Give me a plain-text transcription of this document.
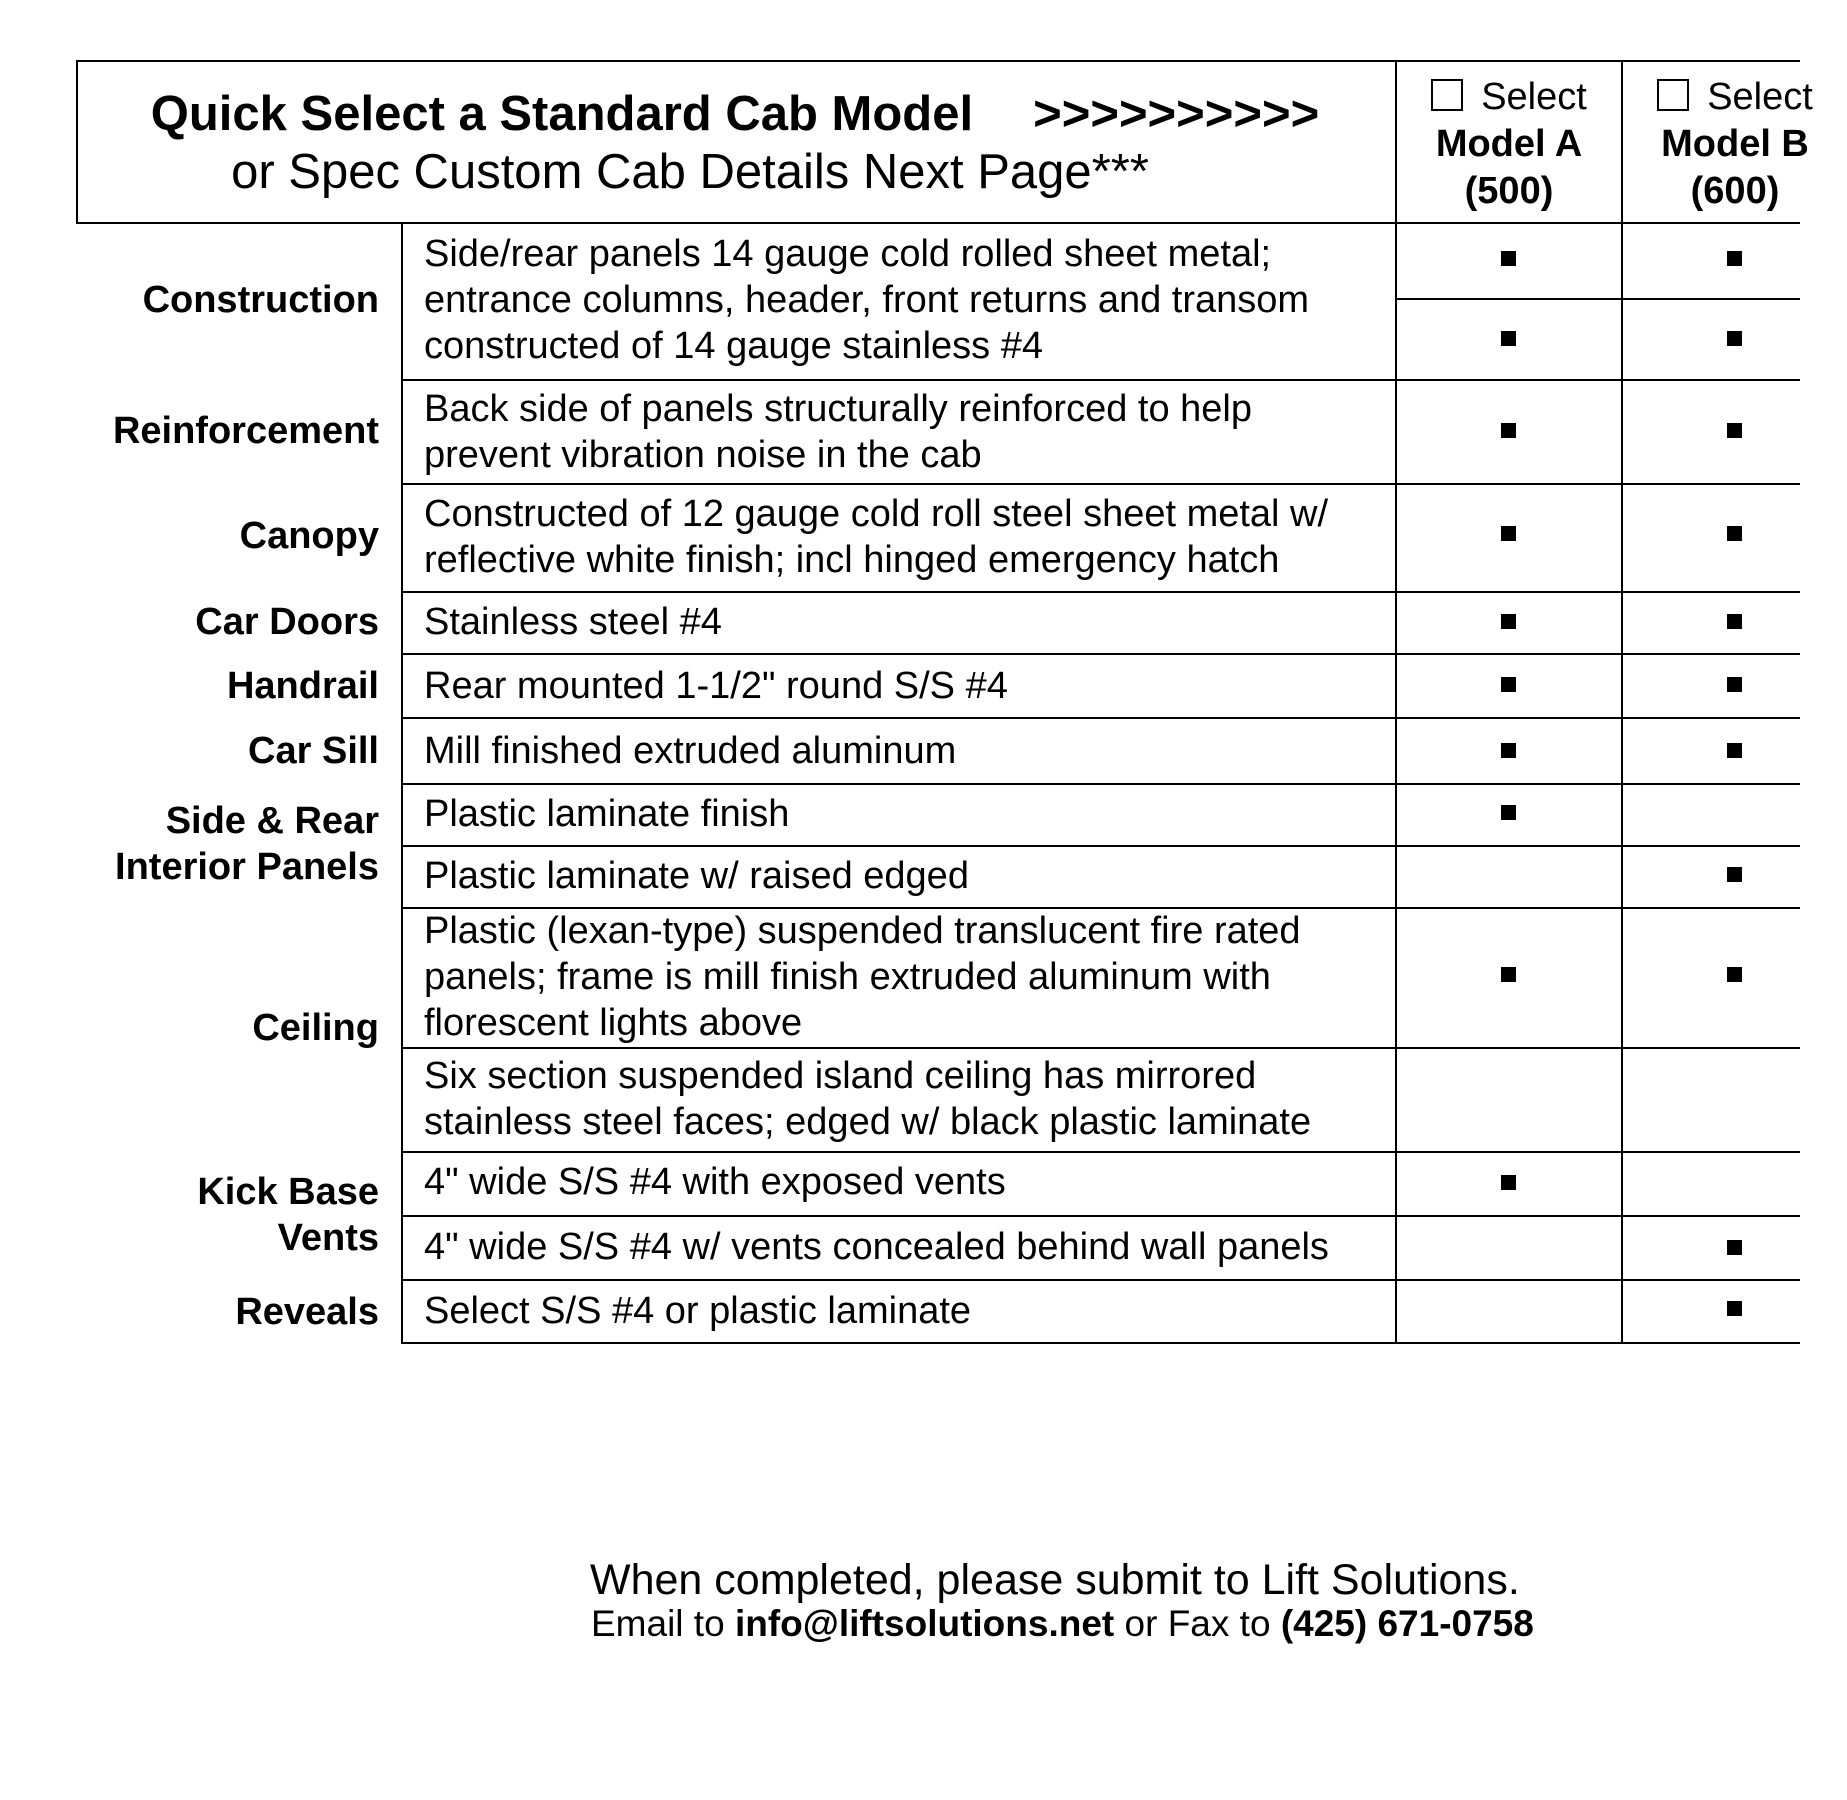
Quick Select a Standard Cab Model >>>>>>>>>>
or Spec Custom Cab Details Next Page***
Select
Model A
(500)
Select
Model B
(600)
Construction
Reinforcement
Canopy
Car Doors
Handrail
Car Sill
Side & Rear
Interior Panels
Ceiling
Kick Base
Vents
Reveals
Side/rear panels 14 gauge cold rolled sheet metal;
entrance columns, header, front returns and transom
constructed of 14 gauge stainless #4
Back side of panels structurally reinforced to help
prevent vibration noise in the cab
Constructed of 12 gauge cold roll steel sheet metal w/
reflective white finish; incl hinged emergency hatch
Stainless steel #4
Rear mounted 1-1/2" round S/S #4
Mill finished extruded aluminum
Plastic laminate finish
Plastic laminate w/ raised edged
Plastic (lexan-type) suspended translucent fire rated
panels; frame is mill finish extruded aluminum with
florescent lights above
Six section suspended island ceiling has mirrored
stainless steel faces; edged w/ black plastic laminate
4" wide S/S #4 with exposed vents
4" wide S/S #4 w/ vents concealed behind wall panels
Select S/S #4 or plastic laminate
When completed, please submit to Lift Solutions.
Email to info@liftsolutions.net or Fax to (425) 671-0758
